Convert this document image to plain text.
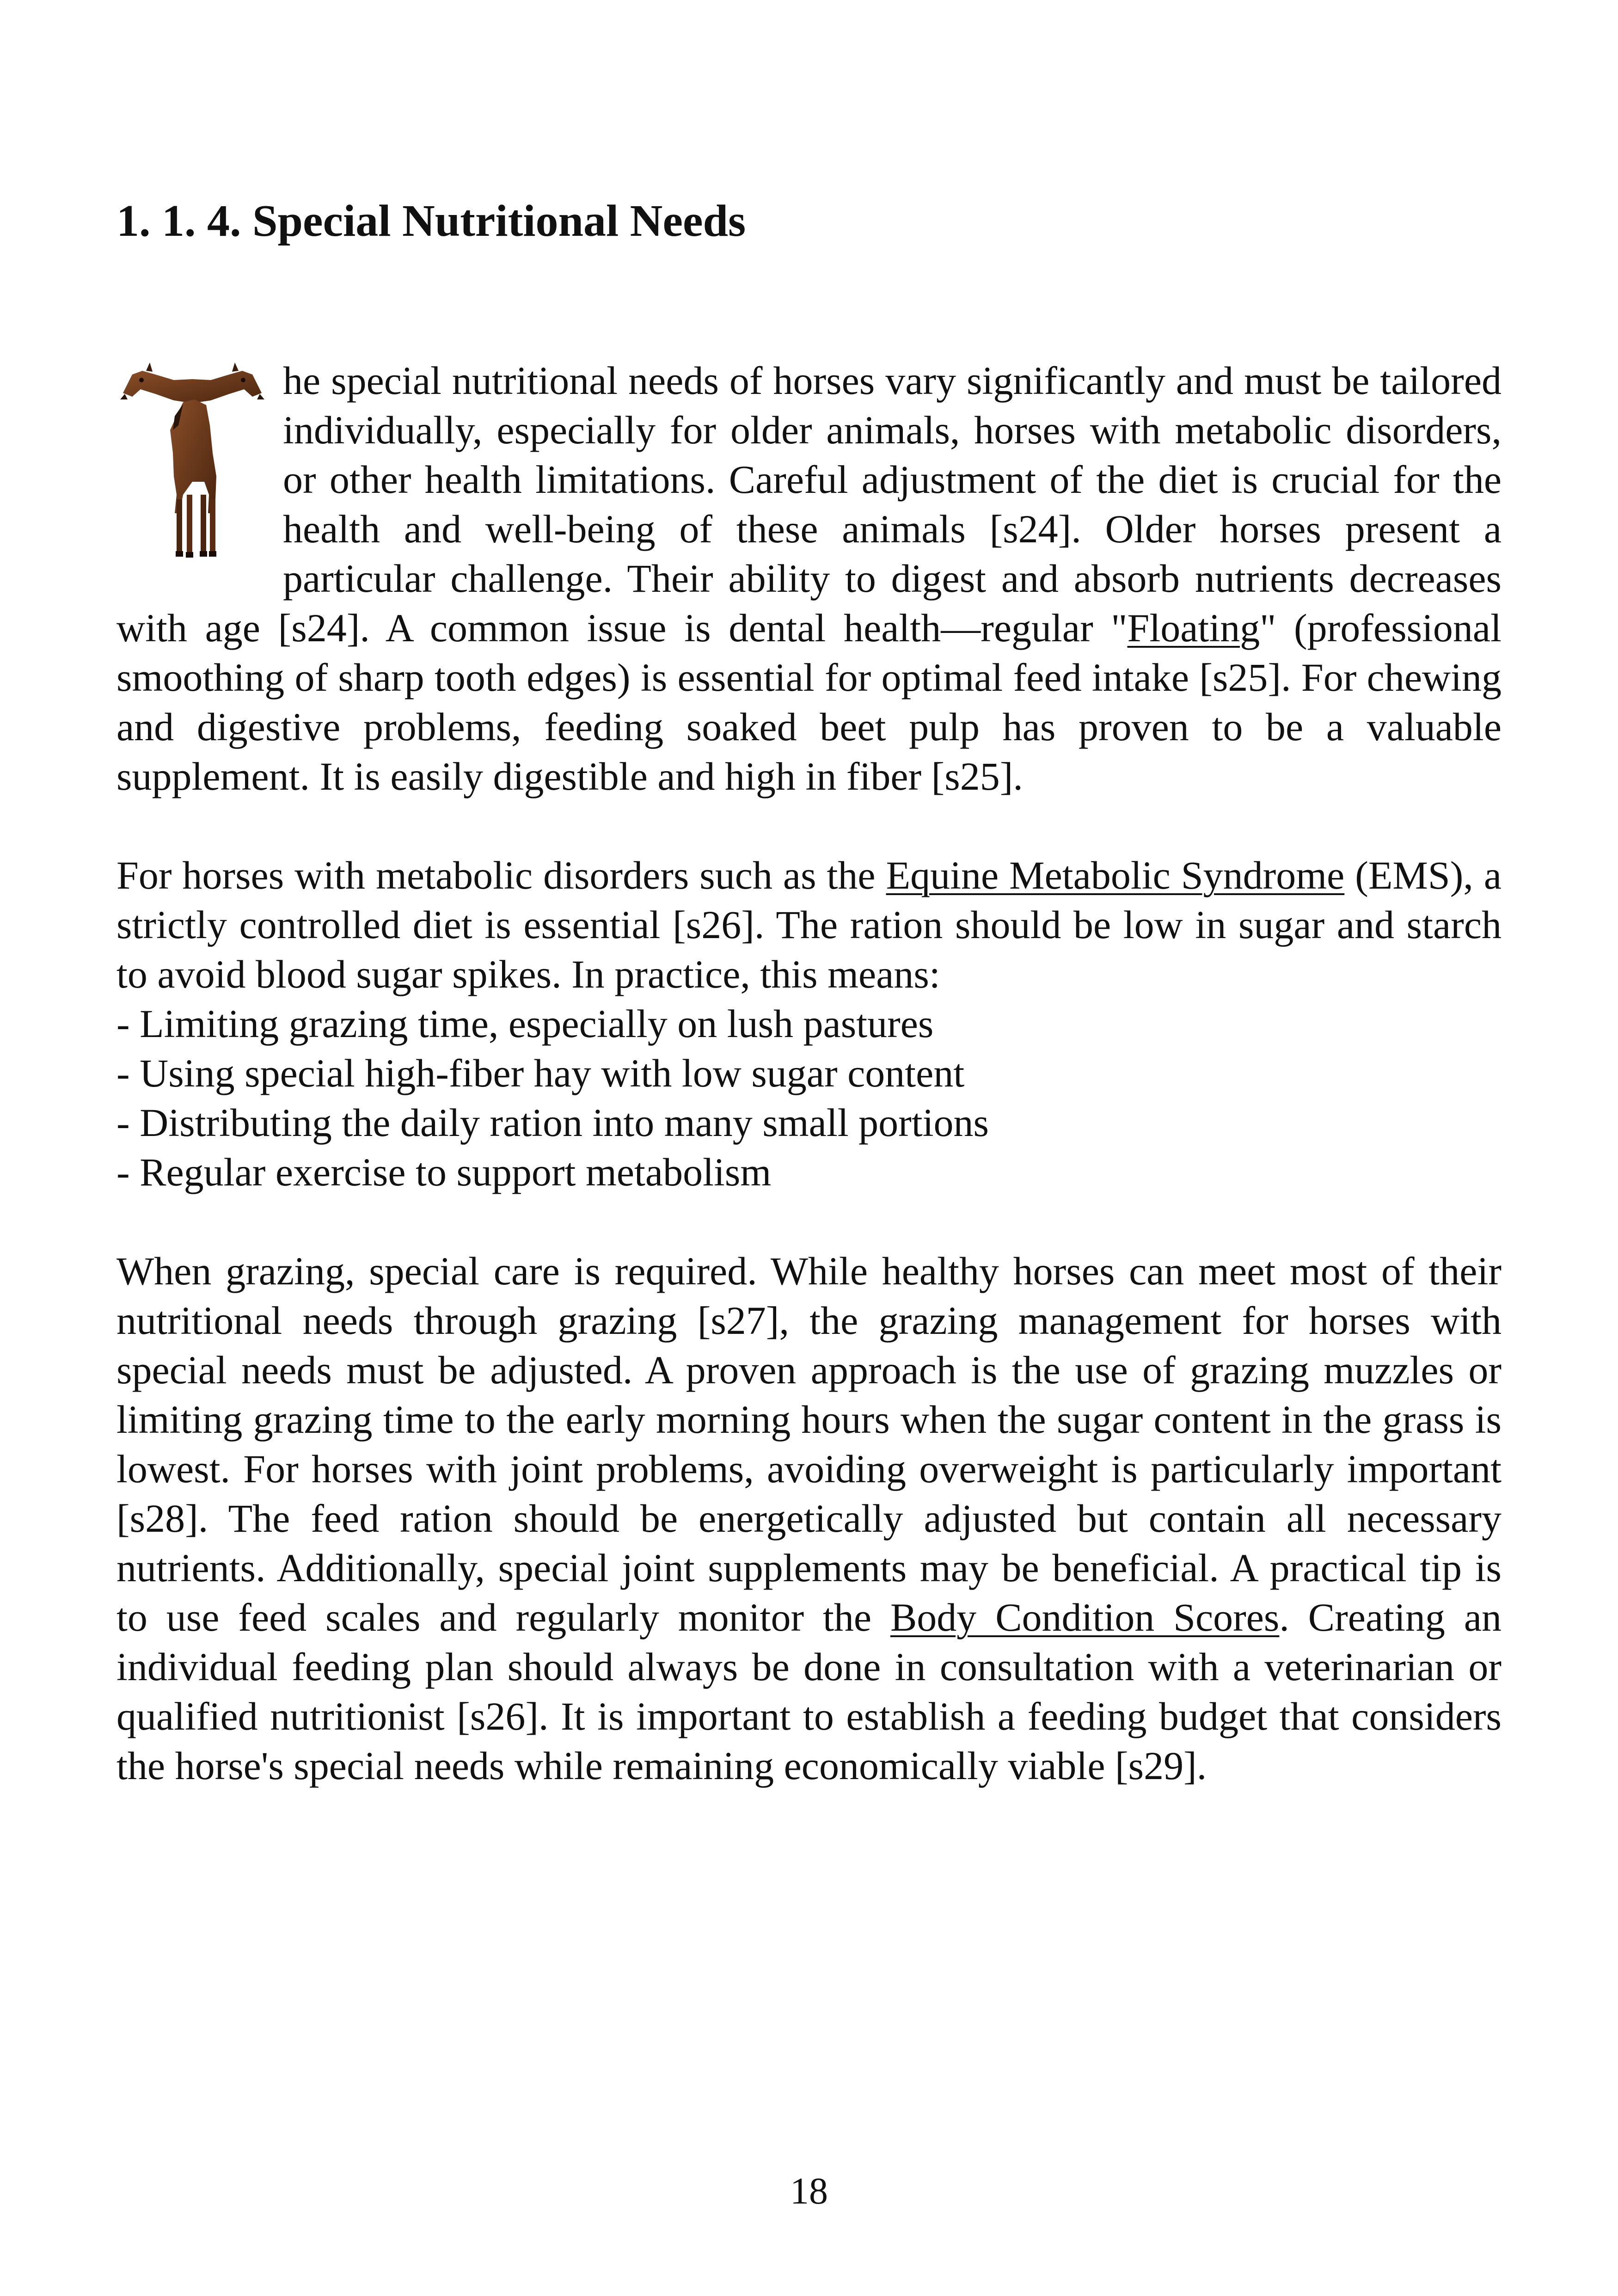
1. 1. 4. Special Nutritional Needs

he special nutritional needs of horses vary significantly and must be tailored individually, especially for older animals, horses with metabolic disorders, or other health limitations. Careful adjustment of the diet is crucial for the health and well-being of these animals [s24]. Older horses present a particular challenge. Their ability to digest and absorb nutrients decreases with age [s24]. A common issue is dental health—regular "Floating" (professional smoothing of sharp tooth edges) is essential for optimal feed intake [s25]. For chewing and digestive problems, feeding soaked beet pulp has proven to be a valuable supplement. It is easily digestible and high in fiber [s25].

For horses with metabolic disorders such as the Equine Metabolic Syndrome (EMS), a strictly controlled diet is essential [s26]. The ration should be low in sugar and starch to avoid blood sugar spikes. In practice, this means:

- Limiting grazing time, especially on lush pastures
- Using special high-fiber hay with low sugar content
- Distributing the daily ration into many small portions
- Regular exercise to support metabolism

When grazing, special care is required. While healthy horses can meet most of their nutritional needs through grazing [s27], the grazing management for horses with special needs must be adjusted. A proven approach is the use of grazing muzzles or limiting grazing time to the early morning hours when the sugar content in the grass is lowest. For horses with joint problems, avoiding overweight is particularly important [s28]. The feed ration should be energetically adjusted but contain all necessary nutrients. Additionally, special joint supplements may be beneficial. A practical tip is to use feed scales and regularly monitor the Body Condition Scores. Creating an individual feeding plan should always be done in consultation with a veterinarian or qualified nutritionist [s26]. It is important to establish a feeding budget that considers the horse's special needs while remaining economically viable [s29].

18
